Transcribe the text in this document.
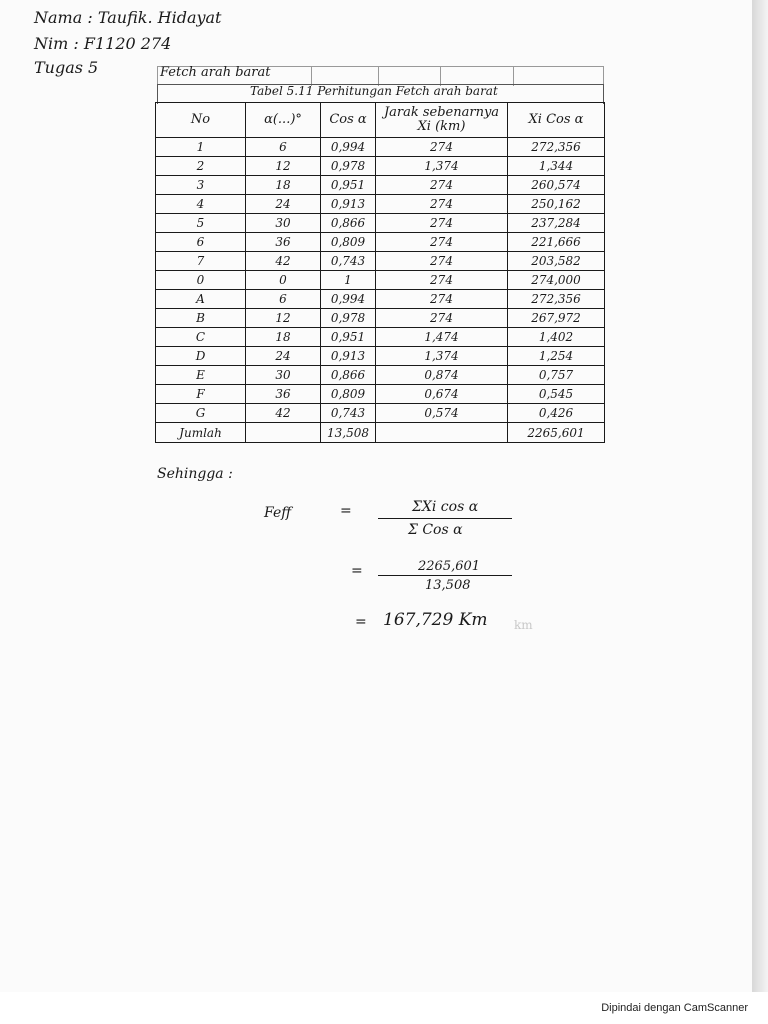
Nama : Taufik. Hidayat
Nim : F1120 274
Tugas 5	Fetch arah barat
Tabel 5.11 Perhitungan Fetch arah barat
No	α(...)°	Cos α	Jarak sebenarnya Xi (km)	Xi Cos α
1	6	0,994	274	272,356
2	12	0,978	1,374	1,344
3	18	0,951	274	260,574
4	24	0,913	274	250,162
5	30	0,866	274	237,284
6	36	0,809	274	221,666
7	42	0,743	274	203,582
0	0	1	274	274,000
A	6	0,994	274	272,356
B	12	0,978	274	267,972
C	18	0,951	1,474	1,402
D	24	0,913	1,374	1,254
E	30	0,866	0,874	0,757
F	36	0,809	0,674	0,545
G	42	0,743	0,574	0,426
Jumlah		13,508		2265,601
Sehingga :
Feff	=	ΣXi cos α
Σ Cos α
=	2265,601
13,508
= 167,729 Km km
Dipindai dengan CamScanner
